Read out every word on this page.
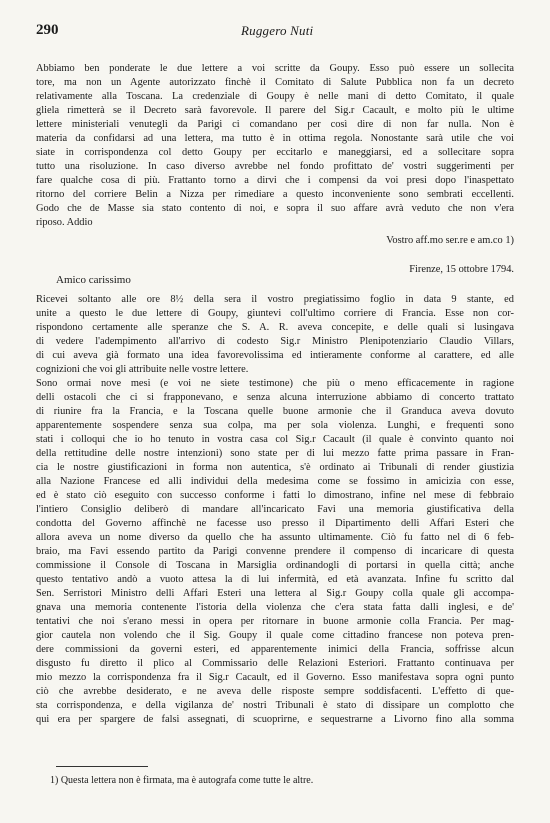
290	Ruggero Nuti
Abbiamo ben ponderate le due lettere a voi scritte da Goupy. Esso può essere un sollecita
tore, ma non un Agente autorizzato finchè il Comitato di Salute Pubblica non fa un decreto
relativamente alla Toscana. La credenziale di Goupy è nelle mani di detto Comitato, il quale
gliela rimetterà se il Decreto sarà favorevole. Il parere del Sig.r Cacault, e molto più le ultime
lettere ministeriali venutegli da Parigi ci comandano per così dire di non far nulla. Non è
materia da confidarsi ad una lettera, ma tutto è in ottima regola. Nonostante sarà utile che voi
siate in corrispondenza col detto Goupy per eccitarlo e maneggiarsi, ed a sollecitare sopra
tutto una risoluzione. In caso diverso avrebbe nel fondo profittato de' vostri suggerimenti per
fare qualche cosa di più. Frattanto torno a dirvi che i compensi da voi presi dopo l'inaspettato
ritorno del corriere Belin a Nizza per rimediare a questo inconveniente sono sembrati eccellenti.
Godo che de Masse sia stato contento di noi, e sopra il suo affare avrà veduto che non v'era
riposo. Addio
Vostro aff.mo ser.re e am.co 1)
Firenze, 15 ottobre 1794.
Amico carissimo
Ricevei soltanto alle ore 8½ della sera il vostro pregiatissimo foglio in data 9 stante, ed
unite a questo le due lettere di Goupy, giuntevi coll'ultimo corriere di Francia. Esse non cor-
rispondono certamente alle speranze che S. A. R. aveva concepite, e delle quali si lusingava
di vedere l'adempimento all'arrivo di codesto Sig.r Ministro Plenipotenziario Claudio Villars,
di cui aveva già formato una idea favorevolissima ed intieramente conforme al carattere, ed alle
cognizioni che voi gli attribuite nelle vostre lettere.
Sono ormai nove mesi (e voi ne siete testimone) che più o meno efficacemente in ragione
delli ostacoli che ci si frapponevano, e senza alcuna interruzione abbiamo di concerto trattato
di riunire fra la Francia, e la Toscana quelle buone armonie che il Granduca aveva dovuto
apparentemente sospendere senza sua colpa, ma per sola violenza. Lunghi, e frequenti sono
stati i colloqui che io ho tenuto in vostra casa col Sig.r Cacault (il quale è convinto quanto noi
della rettitudine delle nostre intenzioni) sono state per di lui mezzo fatte prima passare in Fran-
cia le nostre giustificazioni in forma non autentica, s'è ordinato ai Tribunali di render giustizia
alla Nazione Francese ed alli individui della medesima come se fossimo in amicizia con esse,
ed è stato ciò eseguito con successo conforme i fatti lo dimostrano, infine nel mese di febbraio
l'intiero Consiglio deliberò di mandare all'incaricato Favi una memoria giustificativa della
condotta del Governo affinchè ne facesse uso presso il Dipartimento delli Affari Esteri che
allora aveva un nome diverso da quello che ha assunto ultimamente. Ciò fu fatto nel di 6 feb-
braio, ma Favi essendo partito da Parigi convenne prendere il compenso di incaricare di questa
commissione il Console di Toscana in Marsiglia ordinandogli di portarsi in quella città; anche
questo tentativo andò a vuoto attesa la di lui infermità, ed età avanzata. Infine fu scritto dal
Sen. Serristori Ministro delli Affari Esteri una lettera al Sig.r Goupy colla quale gli accompa-
gnava una memoria contenente l'istoria della violenza che c'era stata fatta dalli inglesi, e de'
tentativi che noi s'erano messi in opera per ritornare in buone armonie colla Francia. Per mag-
gior cautela non volendo che il Sig. Goupy il quale come cittadino francese non poteva pren-
dere commissioni da governi esteri, ed apparentemente inimici della Francia, soffrisse alcun
disgusto fu diretto il plico al Commissario delle Relazioni Esteriori. Frattanto continuava per
mio mezzo la corrispondenza fra il Sig.r Cacault, ed il Governo. Esso manifestava sopra ogni punto
ciò che avrebbe desiderato, e ne aveva delle risposte sempre soddisfacenti. L'effetto di que-
sta corrispondenza, e della vigilanza de' nostri Tribunali è stato di dissipare un complotto che
qui era per spargere de falsi assegnati, di scuoprirne, e sequestrarne a Livorno fino alla somma
1) Questa lettera non è firmata, ma è autografa come tutte le altre.
